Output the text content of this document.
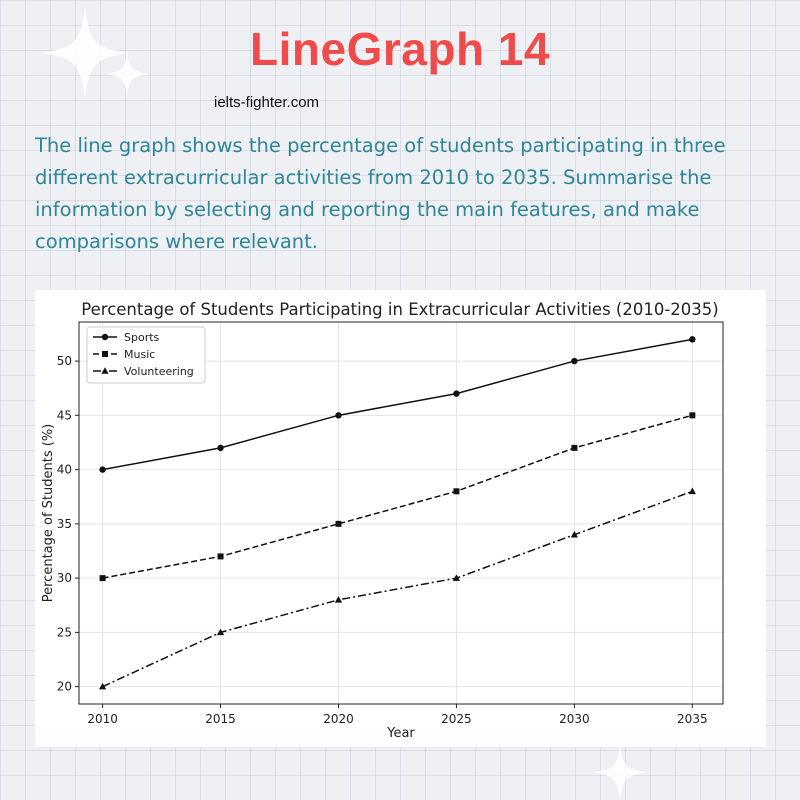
LineGraph 14
ielts-fighter.com

The line graph shows the percentage of students participating in three different extracurricular activities from 2010 to 2035. Summarise the information by selecting and reporting the main features, and make comparisons where relevant.

Percentage of Students Participating in Extracurricular Activities (2010-2035)
2010	2015	2020	2025	2030	2035
20
25
30
35
40
45
50
Year
Percentage of Students (%)
Sports
Music
Volunteering
